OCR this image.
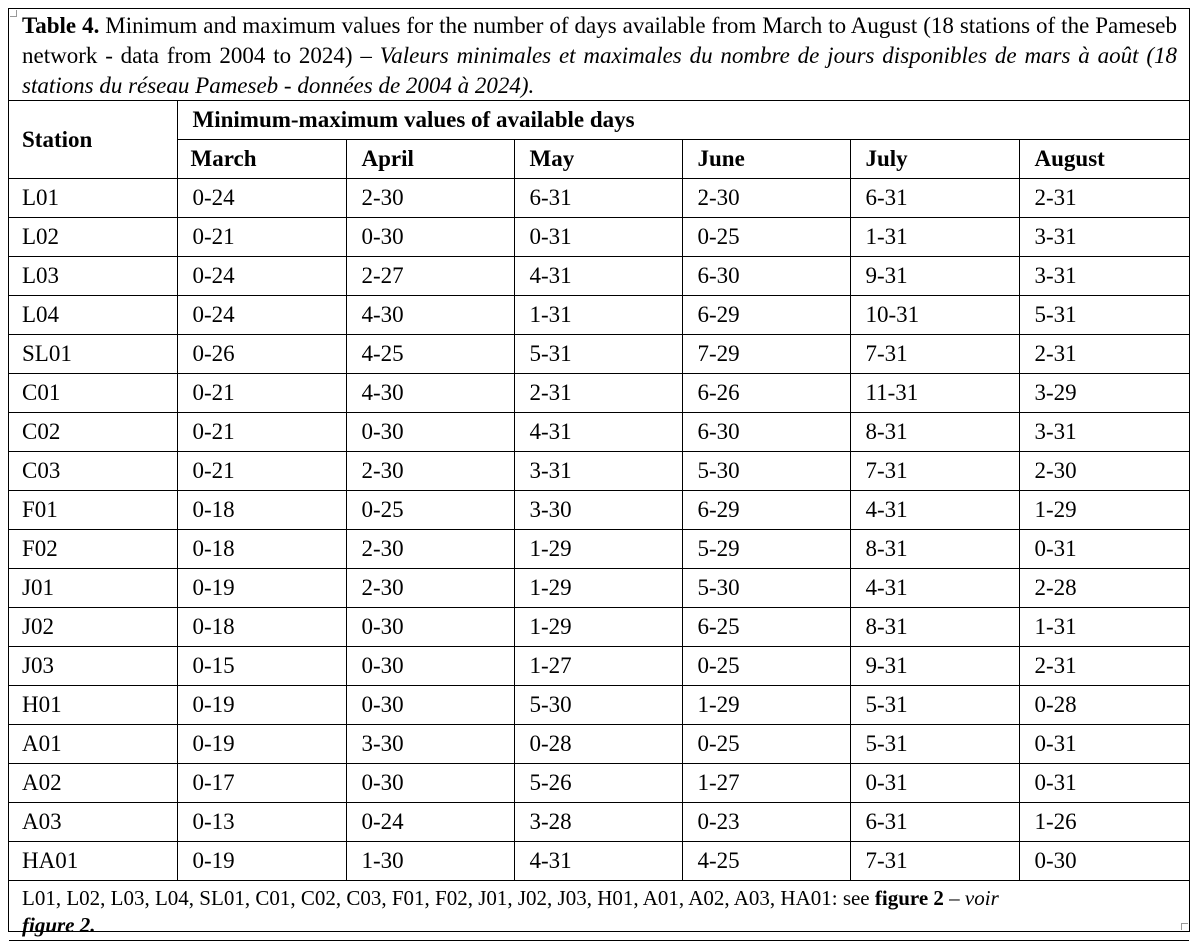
Table 4. Minimum and maximum values for the number of days available from March to August (18 stations of the Pameseb network - data from 2004 to 2024) – Valeurs minimales et maximales du nombre de jours disponibles de mars à août (18 stations du réseau Pameseb - données de 2004 à 2024).
Station	Minimum-maximum values of available days					
	March	April	May	June	July	August
L01	0-24	2-30	6-31	2-30	6-31	2-31
L02	0-21	0-30	0-31	0-25	1-31	3-31
L03	0-24	2-27	4-31	6-30	9-31	3-31
L04	0-24	4-30	1-31	6-29	10-31	5-31
SL01	0-26	4-25	5-31	7-29	7-31	2-31
C01	0-21	4-30	2-31	6-26	11-31	3-29
C02	0-21	0-30	4-31	6-30	8-31	3-31
C03	0-21	2-30	3-31	5-30	7-31	2-30
F01	0-18	0-25	3-30	6-29	4-31	1-29
F02	0-18	2-30	1-29	5-29	8-31	0-31
J01	0-19	2-30	1-29	5-30	4-31	2-28
J02	0-18	0-30	1-29	6-25	8-31	1-31
J03	0-15	0-30	1-27	0-25	9-31	2-31
H01	0-19	0-30	5-30	1-29	5-31	0-28
A01	0-19	3-30	0-28	0-25	5-31	0-31
A02	0-17	0-30	5-26	1-27	0-31	0-31
A03	0-13	0-24	3-28	0-23	6-31	1-26
HA01	0-19	1-30	4-31	4-25	7-31	0-30
L01, L02, L03, L04, SL01, C01, C02, C03, F01, F02, J01, J02, J03, H01, A01, A02, A03, HA01: see figure 2 – voir
figure 2.						
